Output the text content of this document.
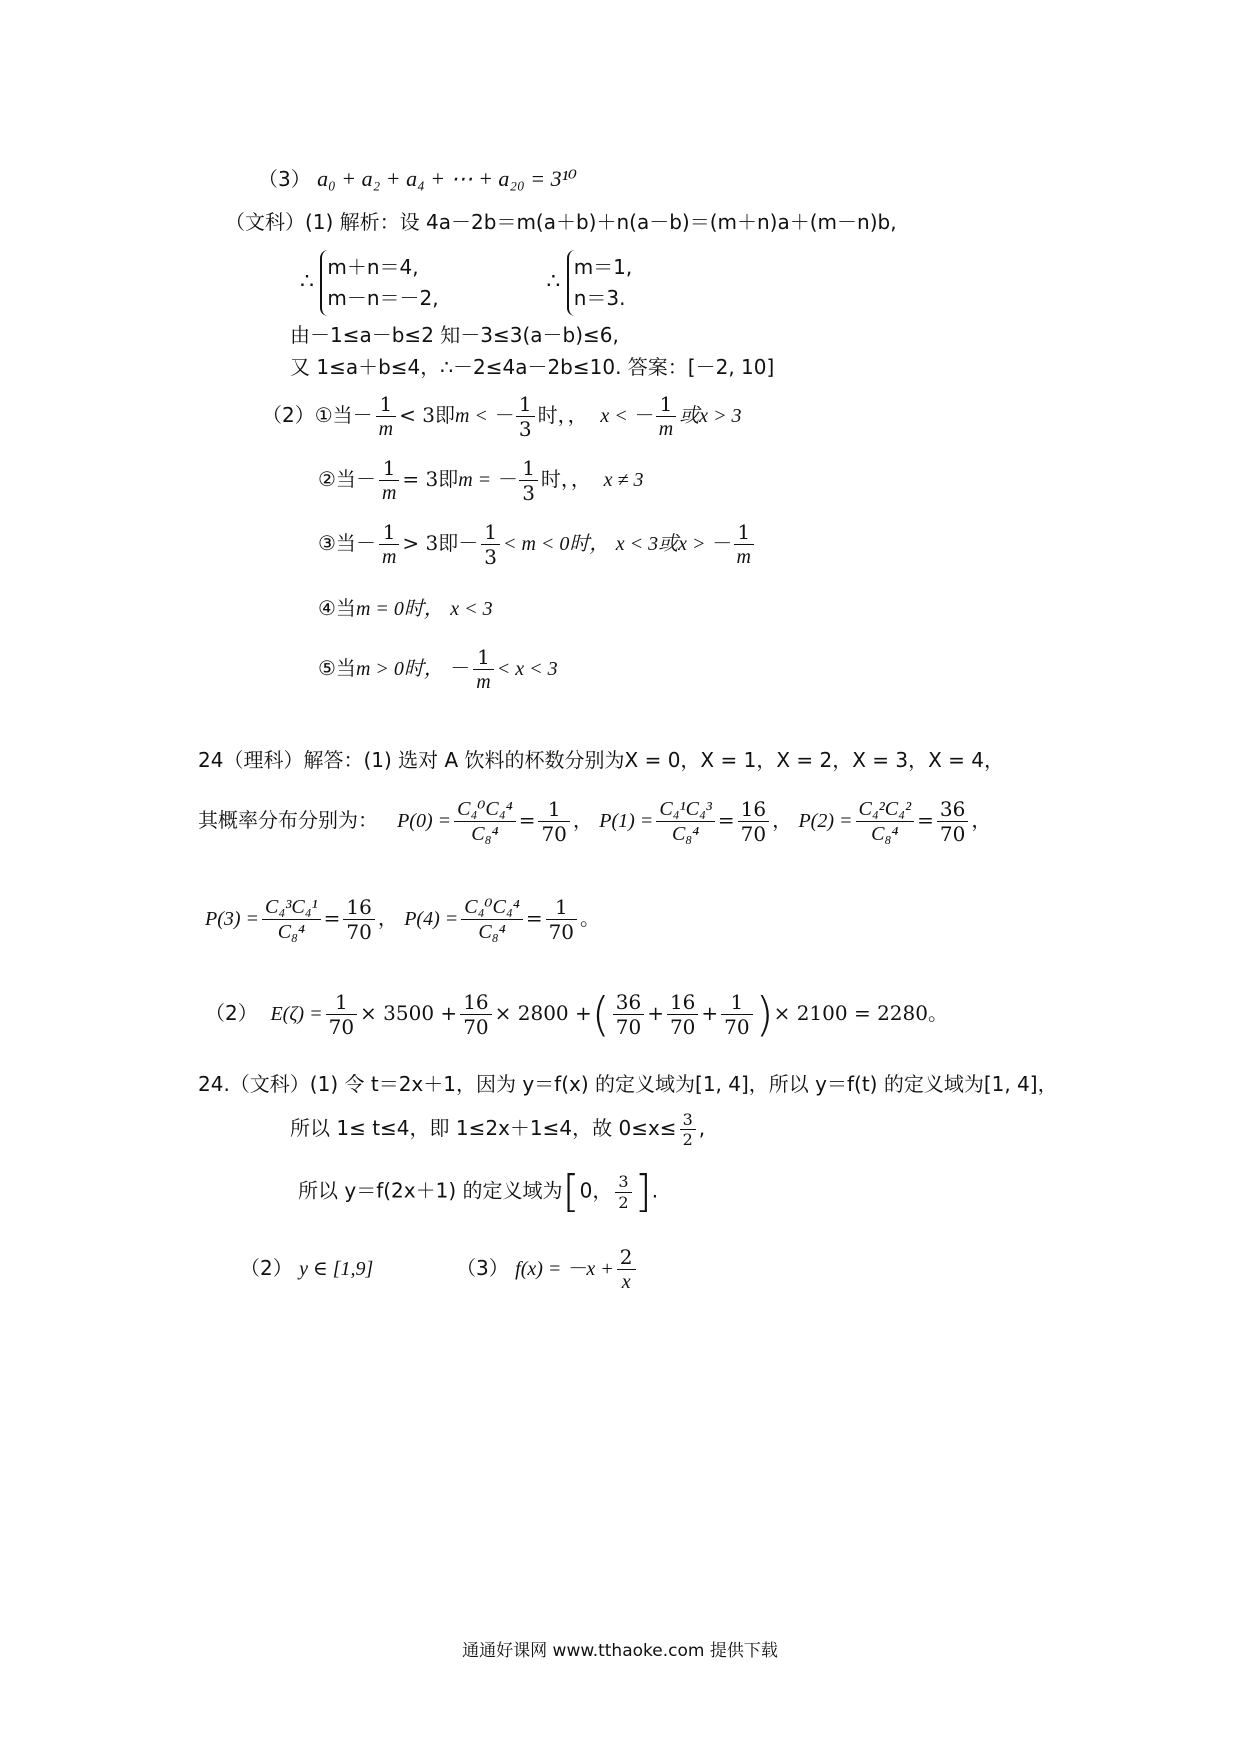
（3） a₀ + a₂ + a₄ + ⋯ + a₂₀ = 3¹⁰
（文科）(1) 解析：设 4a－2b＝m(a＋b)＋n(a－b)＝(m＋n)a＋(m－n)b,
∴
m＋n＝4,
m－n＝－2,
∴
m＝1,
n＝3.
由－1≤a－b≤2 知－3≤3(a－b)≤6,
又 1≤a＋b≤4，∴－2≤4a－2b≤10. 答案：[－2, 10]
（2）①当－ $\frac{1}{m} < 3$即m < － $\frac{1}{3}$ 时，， x < － $\frac{1}{m}$ 或x > 3
②当－ $\frac{1}{m} = 3$即m = － $\frac{1}{3}$ 时，， x ≠ 3
③当－ $\frac{1}{m} > 3$即－ $\frac{1}{3} < m < 0$时， x < 3或x > － $\frac{1}{m}$
④当m = 0时， x < 3
⑤当m > 0时， － $\frac{1}{m} < x < 3$
24（理科）解答：(1) 选对 A 饮料的杯数分别为X = 0，X = 1，X = 2，X = 3，X = 4，
其概率分布分别为： $P(0) = \frac{\text{C₄⁰C₄⁴}}{\text{C₈⁴}} = \frac{1}{70}$ ， $P(1) = \frac{\text{C₄¹C₄³}}{\text{C₈⁴}} = \frac{16}{70}$ ， $P(2) = \frac{\text{C₄²C₄²}}{\text{C₈⁴}} = \frac{36}{70}$ ，
$P(3) = \frac{\text{C₄³C₄¹}}{\text{C₈⁴}} = \frac{16}{70}$ ， $P(4) = \frac{\text{C₄⁰C₄⁴}}{\text{C₈⁴}} = \frac{1}{70}$ 。
（2） $E(\zeta) = \frac{1}{70} \times 3500 + \frac{16}{70} \times 2800$ +( $\frac{36}{70} + \frac{16}{70} + \frac{1}{70}$ )× 2100 = 2280。
24.（文科）(1) 令 t＝2x＋1，因为 y＝f(x) 的定义域为[1, 4]，所以 y＝f(t) 的定义域为[1, 4]，
所以 1≤ t≤4，即 1≤2x＋1≤4，故 $0\le x\le \frac{3}{2}$ ,
所以 y＝f(2x＋1) 的定义域为[0， $\frac{3}{2}$ ].
（2） y ∈ [1,9]	（3） $f(x) = -x + \frac{2}{x}$
通通好课网 www.tthaoke.com 提供下载
